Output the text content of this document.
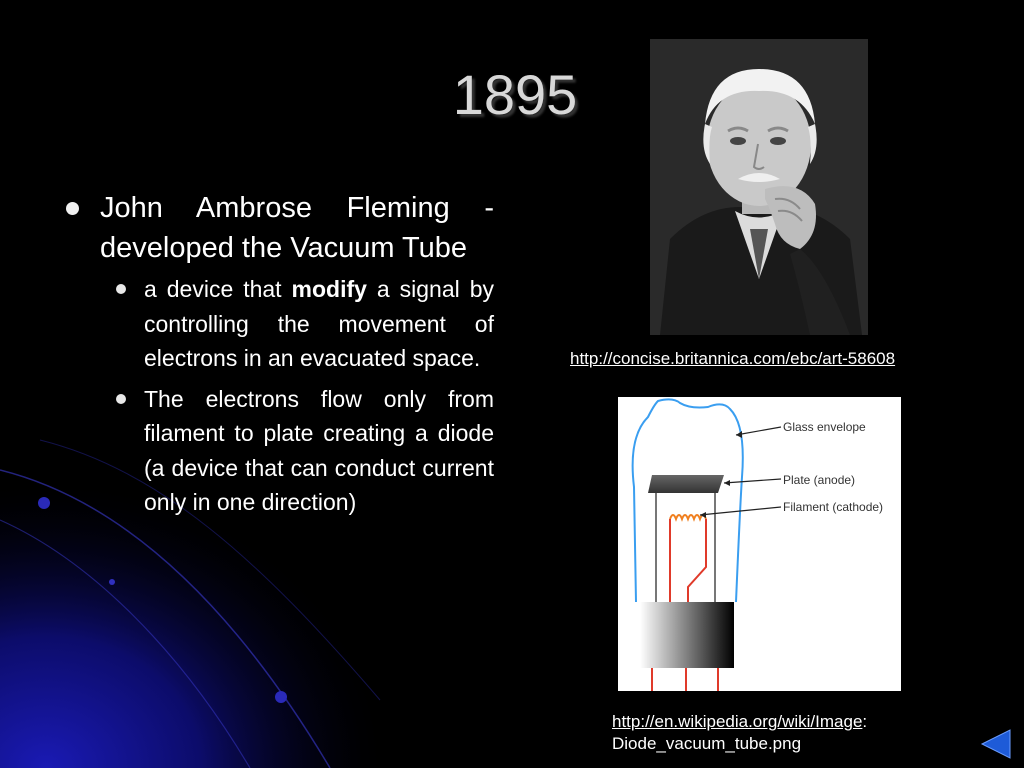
1895
John Ambrose Fleming - developed the Vacuum Tube
a device that modify a signal by controlling the movement of electrons in an evacuated space.
The electrons flow only from filament to plate creating a diode (a device that can conduct current only in one direction)
http://concise.britannica.com/ebc/art-58608
Glass envelope
Plate (anode)
Filament (cathode)
http://en.wikipedia.org/wiki/Image:
Diode_vacuum_tube.png
